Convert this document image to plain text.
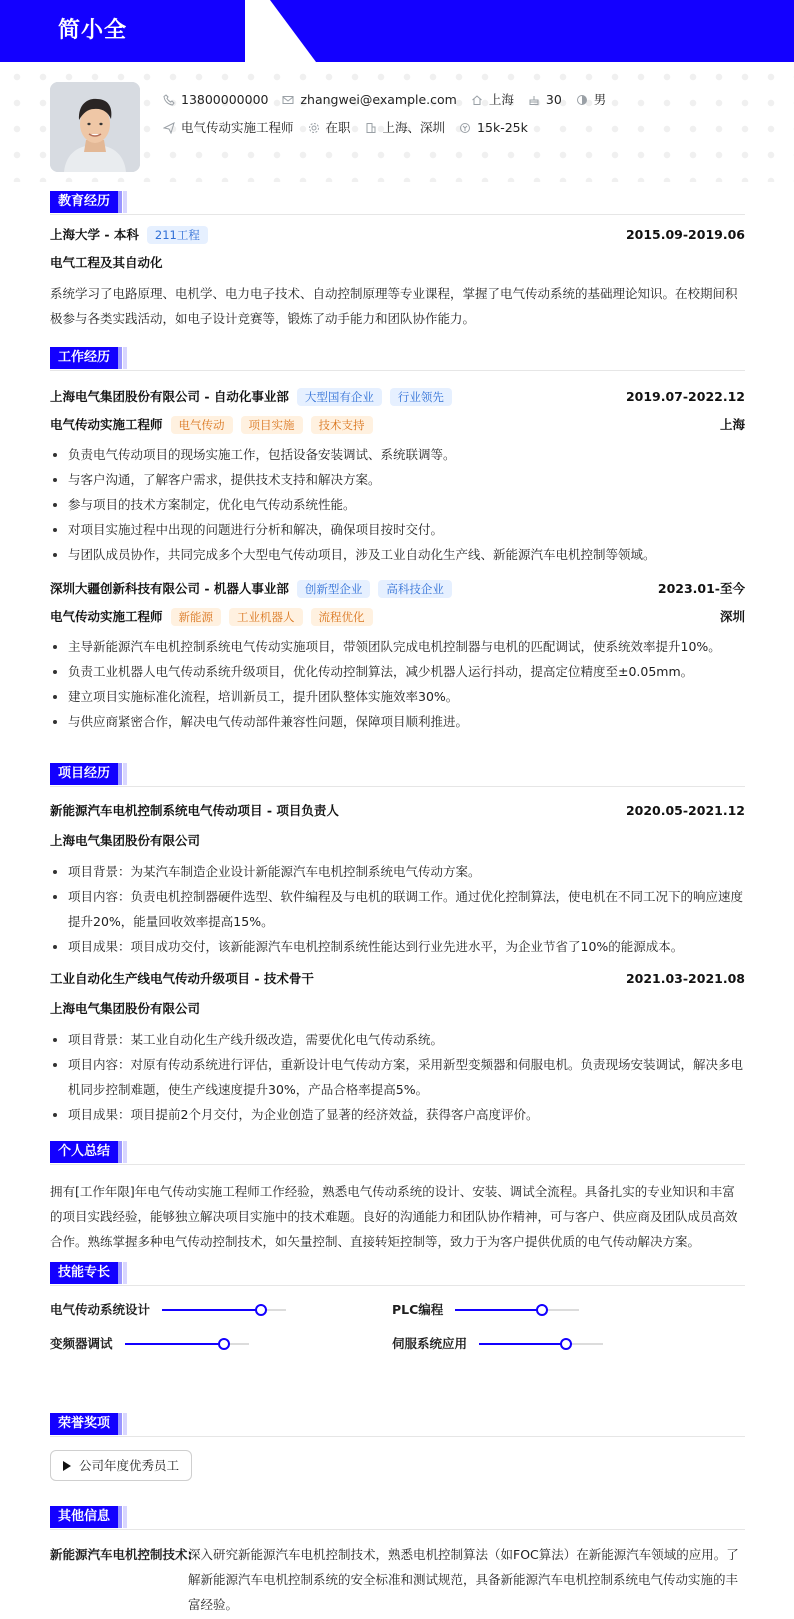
简小全
13800000000	zhangwei@example.com	上海	30	男
电气传动实施工程师	在职	上海、深圳	15k-25k
教育经历
上海大学 - 本科	211工程	2015.09-2019.06
电气工程及其自动化
系统学习了电路原理、电机学、电力电子技术、自动控制原理等专业课程，掌握了电气传动系统的基础理论知识。在校期间积极参与各类实践活动，如电子设计竞赛等，锻炼了动手能力和团队协作能力。
工作经历
上海电气集团股份有限公司 - 自动化事业部	大型国有企业	行业领先	2019.07-2022.12
电气传动实施工程师	电气传动	项目实施	技术支持	上海
负责电气传动项目的现场实施工作，包括设备安装调试、系统联调等。
与客户沟通，了解客户需求，提供技术支持和解决方案。
参与项目的技术方案制定，优化电气传动系统性能。
对项目实施过程中出现的问题进行分析和解决，确保项目按时交付。
与团队成员协作，共同完成多个大型电气传动项目，涉及工业自动化生产线、新能源汽车电机控制等领域。
深圳大疆创新科技有限公司 - 机器人事业部	创新型企业	高科技企业	2023.01-至今
电气传动实施工程师	新能源	工业机器人	流程优化	深圳
主导新能源汽车电机控制系统电气传动实施项目，带领团队完成电机控制器与电机的匹配调试，使系统效率提升10%。
负责工业机器人电气传动系统升级项目，优化传动控制算法，减少机器人运行抖动，提高定位精度至±0.05mm。
建立项目实施标准化流程，培训新员工，提升团队整体实施效率30%。
与供应商紧密合作，解决电气传动部件兼容性问题，保障项目顺利推进。
项目经历
新能源汽车电机控制系统电气传动项目 - 项目负责人	2020.05-2021.12
上海电气集团股份有限公司
项目背景：为某汽车制造企业设计新能源汽车电机控制系统电气传动方案。
项目内容：负责电机控制器硬件选型、软件编程及与电机的联调工作。通过优化控制算法，使电机在不同工况下的响应速度提升20%，能量回收效率提高15%。
项目成果：项目成功交付，该新能源汽车电机控制系统性能达到行业先进水平，为企业节省了10%的能源成本。
工业自动化生产线电气传动升级项目 - 技术骨干	2021.03-2021.08
上海电气集团股份有限公司
项目背景：某工业自动化生产线升级改造，需要优化电气传动系统。
项目内容：对原有传动系统进行评估，重新设计电气传动方案，采用新型变频器和伺服电机。负责现场安装调试，解决多电机同步控制难题，使生产线速度提升30%，产品合格率提高5%。
项目成果：项目提前2个月交付，为企业创造了显著的经济效益，获得客户高度评价。
个人总结
拥有[工作年限]年电气传动实施工程师工作经验，熟悉电气传动系统的设计、安装、调试全流程。具备扎实的专业知识和丰富的项目实践经验，能够独立解决项目实施中的技术难题。良好的沟通能力和团队协作精神，可与客户、供应商及团队成员高效合作。熟练掌握多种电气传动控制技术，如矢量控制、直接转矩控制等，致力于为客户提供优质的电气传动解决方案。
技能专长
电气传动系统设计	PLC编程
变频器调试	伺服系统应用
荣誉奖项
公司年度优秀员工
其他信息
新能源汽车电机控制技术:
深入研究新能源汽车电机控制技术，熟悉电机控制算法（如FOC算法）在新能源汽车领域的应用。了解新能源汽车电机控制系统的安全标准和测试规范，具备新能源汽车电机控制系统电气传动实施的丰富经验。
